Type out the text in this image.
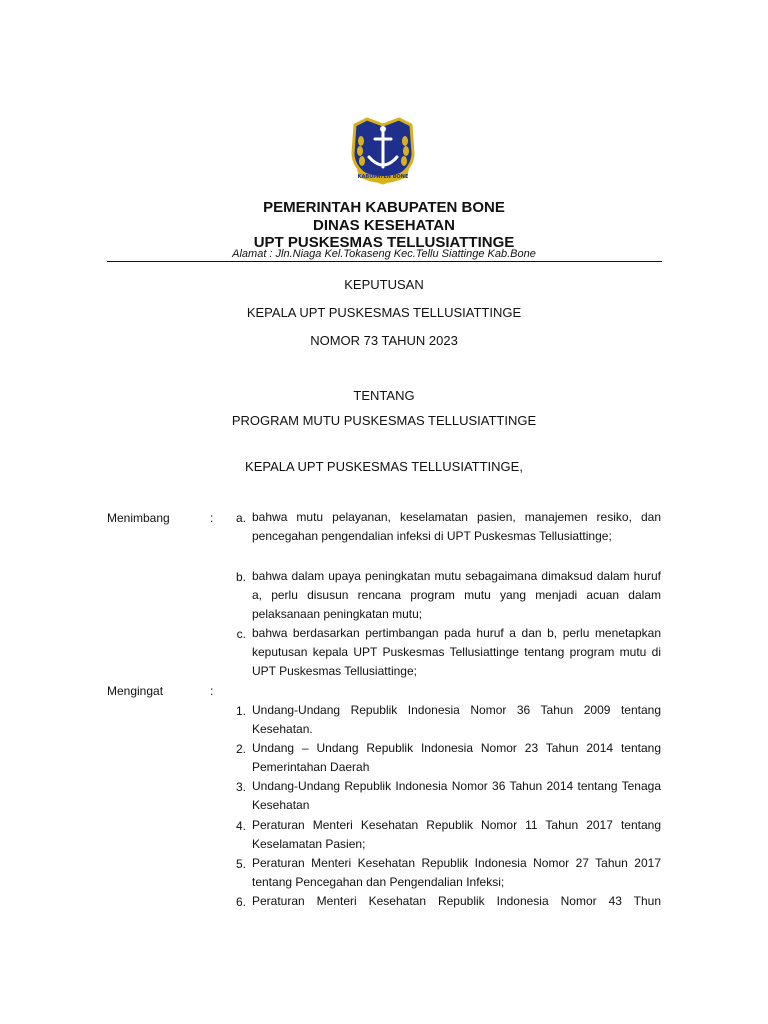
KABUPATEN BONE
PEMERINTAH KABUPATEN BONE
DINAS KESEHATAN
UPT PUSKESMAS TELLUSIATTINGE
Alamat : Jln.Niaga Kel.Tokaseng Kec.Tellu Siattinge Kab.Bone
KEPUTUSAN
KEPALA UPT PUSKESMAS TELLUSIATTINGE
NOMOR 73 TAHUN 2023
TENTANG
PROGRAM MUTU PUSKESMAS TELLUSIATTINGE
KEPALA UPT PUSKESMAS TELLUSIATTINGE,
Menimbang	:	a. bahwa mutu pelayanan, keselamatan pasien, manajemen resiko, dan pencegahan pengendalian infeksi di UPT Puskesmas Tellusiattinge;
b. bahwa dalam upaya peningkatan mutu sebagaimana dimaksud dalam huruf a, perlu disusun rencana program mutu yang menjadi acuan dalam pelaksanaan peningkatan mutu;
c. bahwa berdasarkan pertimbangan pada huruf a dan b, perlu menetapkan keputusan kepala UPT Puskesmas Tellusiattinge tentang program mutu di UPT Puskesmas Tellusiattinge;
Mengingat	:
1. Undang-Undang Republik Indonesia Nomor 36 Tahun 2009 tentang Kesehatan.
2. Undang – Undang Republik Indonesia Nomor 23 Tahun 2014 tentang Pemerintahan Daerah
3. Undang-Undang Republik Indonesia Nomor 36 Tahun 2014 tentang Tenaga Kesehatan
4. Peraturan Menteri Kesehatan Republik Nomor 11 Tahun 2017 tentang Keselamatan Pasien;
5. Peraturan Menteri Kesehatan Republik Indonesia Nomor 27 Tahun 2017 tentang Pencegahan dan Pengendalian Infeksi;
6. Peraturan Menteri Kesehatan Republik Indonesia Nomor 43 Thun
